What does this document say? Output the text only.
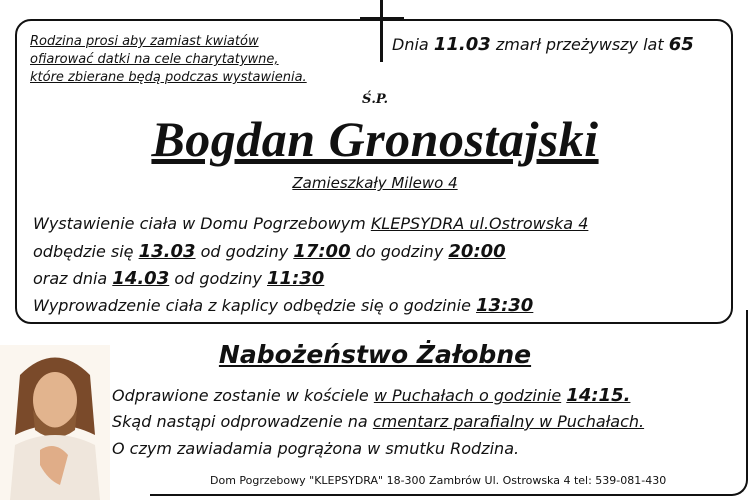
Rodzina prosi aby zamiast kwiatów
ofiarować datki na cele charytatywne,
które zbierane będą podczas wystawienia.
Dnia 11.03 zmarł przeżywszy lat 65
Ś.P.
Bogdan Gronostajski
Zamieszkały Milewo 4
Wystawienie ciała w Domu Pogrzebowym KLEPSYDRA ul.Ostrowska 4
odbędzie się 13.03 od godziny 17:00 do godziny 20:00
oraz dnia 14.03 od godziny 11:30
Wyprowadzenie ciała z kaplicy odbędzie się o godzinie 13:30
Nabożeństwo Żałobne
Odprawione zostanie w kościele w Puchałach o godzinie 14:15.
Skąd nastąpi odprowadzenie na cmentarz parafialny w Puchałach.
O czym zawiadamia pogrążona w smutku Rodzina.
Dom Pogrzebowy "KLEPSYDRA" 18-300 Zambrów Ul. Ostrowska 4 tel: 539-081-430
